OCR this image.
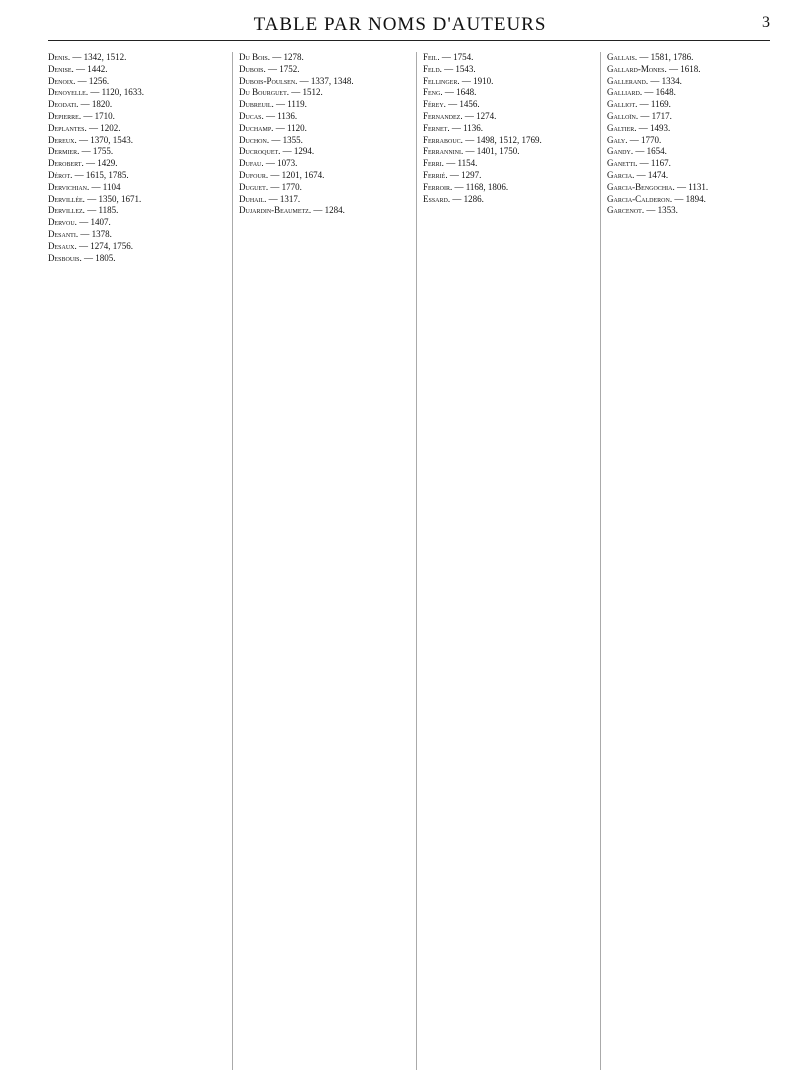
TABLE PAR NOMS D'AUTEURS	3
Denis. — 1342, 1512.
Denise. — 1442.
Denoix. — 1256.
Denoyelle. — 1120, 1633.
Deodati. — 1820.
Depierre. — 1710.
Deplantes. — 1202.
Dereux. — 1370, 1543.
Dermier. — 1755.
Derobert. — 1429.
Dérot. — 1615, 1785.
Dervichian. — 1104
Dervillée. — 1350, 1671.
Dervillez. — 1185.
Dervou. — 1407.
Desanti. — 1378.
Desaux. — 1274, 1756.
Desbouis. — 1805.
Du Bois. — 1278.
Dubois. — 1752.
Dubois-Poulsen. — 1337, 1348.
Du Bourguet. — 1512.
Dubreuil. — 1119.
Ducas. — 1136.
Duchamp. — 1120.
Duchon. — 1355.
Ducroquet. — 1294.
Dufau. — 1073.
Dufour. — 1201, 1674.
Duguet. — 1770.
Duhail. — 1317.
Dujardin-Beaumetz. — 1284.
Feil. — 1754.
Feld. — 1543.
Fellinger. — 1910.
Feng. — 1648.
Férey. — 1456.
Fernandez. — 1274.
Fernet. — 1136.
Ferrabouc. — 1498, 1512, 1769.
Ferrannini. — 1401, 1750.
Ferri. — 1154.
Ferrié. — 1297.
Ferroir. — 1168, 1806.
Essard. — 1286.
Gallais. — 1581, 1786.
Gallard-Mones. — 1618.
Gallerand. — 1334.
Galliard. — 1648.
Galliot. — 1169.
Galloïn. — 1717.
Galtier. — 1493.
Galy. — 1770.
Gandy. — 1654.
Ganetti. — 1167.
Garcia. — 1474.
Garcia-Bengochia. — 1131.
Garcia-Calderon. — 1894.
Garcenot. — 1353.
